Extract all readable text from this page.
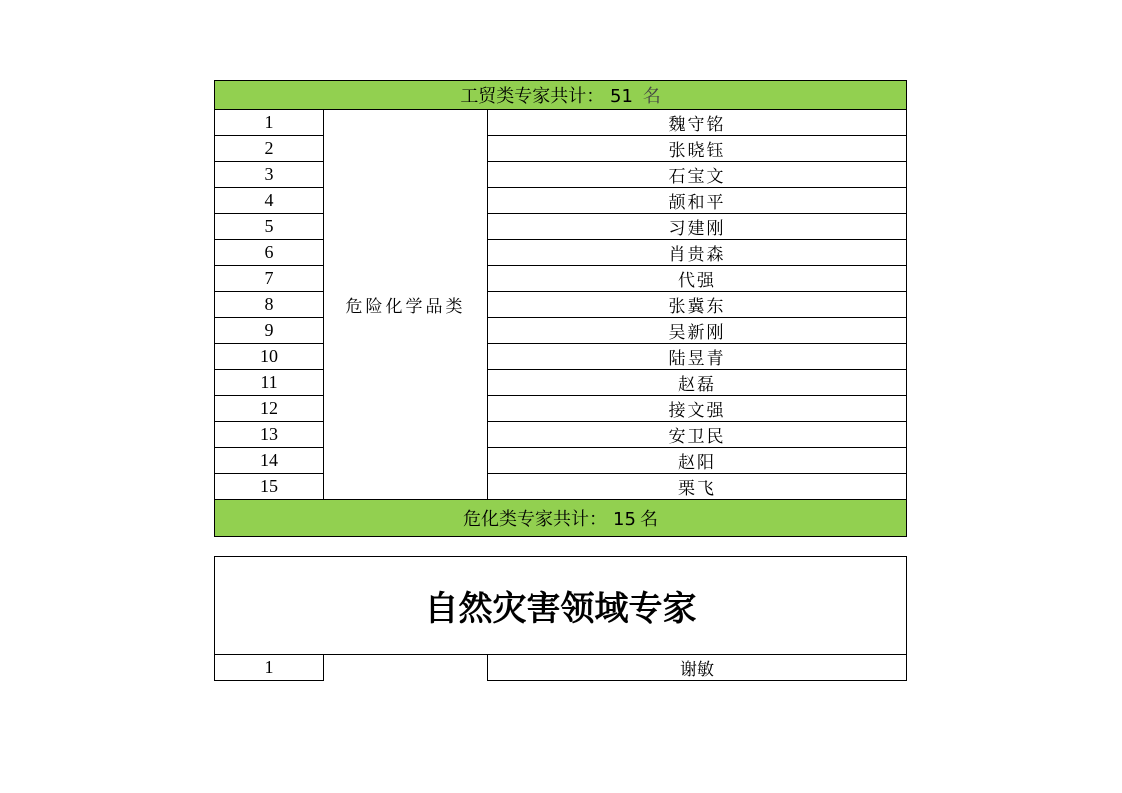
工贸类专家共计： 51 名		
1	危险化学品类	魏守铭
2		张晓钰
3		石宝文
4		颉和平
5		习建刚
6		肖贵森
7		代强
8		张冀东
9		吴新刚
10		陆昱青
11		赵磊
12		接文强
13		安卫民
14		赵阳
15		栗飞
危化类专家共计： 15 名		
自然灾害领域专家
1		谢敏
